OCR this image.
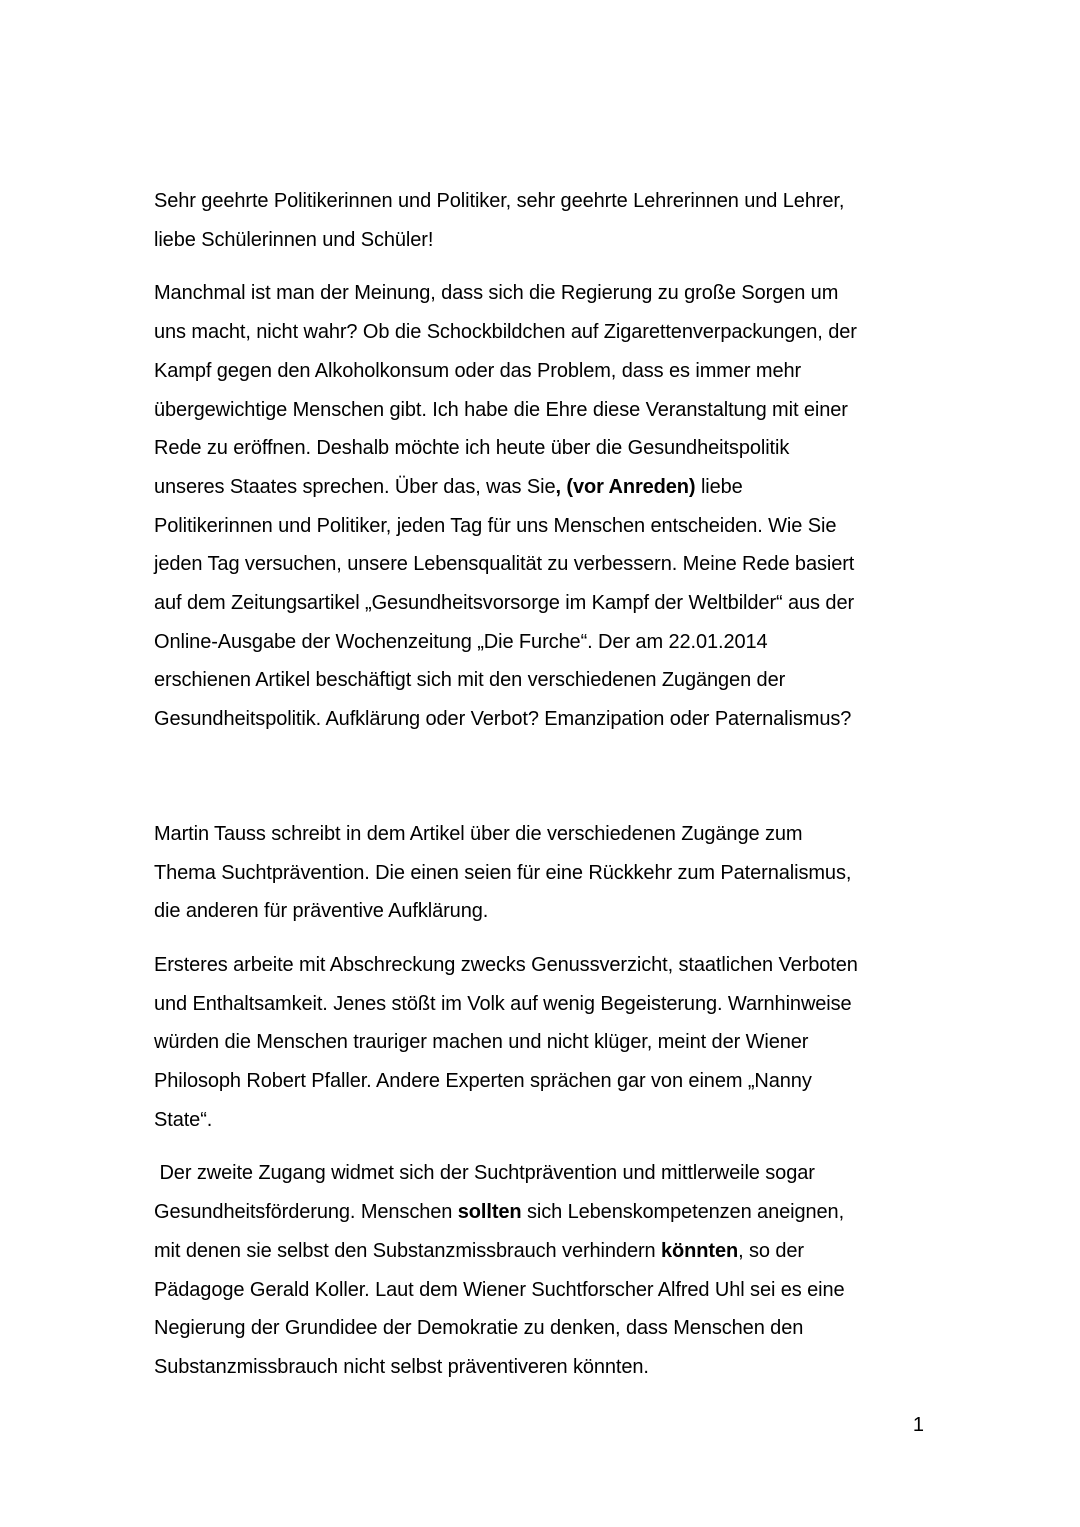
Sehr geehrte Politikerinnen und Politiker, sehr geehrte Lehrerinnen und Lehrer,
liebe Schülerinnen und Schüler!
Manchmal ist man der Meinung, dass sich die Regierung zu große Sorgen um
uns macht, nicht wahr? Ob die Schockbildchen auf Zigarettenverpackungen, der
Kampf gegen den Alkoholkonsum oder das Problem, dass es immer mehr
übergewichtige Menschen gibt. Ich habe die Ehre diese Veranstaltung mit einer
Rede zu eröffnen. Deshalb möchte ich heute über die Gesundheitspolitik
unseres Staates sprechen. Über das, was Sie, (vor Anreden) liebe
Politikerinnen und Politiker, jeden Tag für uns Menschen entscheiden. Wie Sie
jeden Tag versuchen, unsere Lebensqualität zu verbessern. Meine Rede basiert
auf dem Zeitungsartikel „Gesundheitsvorsorge im Kampf der Weltbilder“ aus der
Online-Ausgabe der Wochenzeitung „Die Furche“. Der am 22.01.2014
erschienen Artikel beschäftigt sich mit den verschiedenen Zugängen der
Gesundheitspolitik. Aufklärung oder Verbot? Emanzipation oder Paternalismus?
Martin Tauss schreibt in dem Artikel über die verschiedenen Zugänge zum
Thema Suchtprävention. Die einen seien für eine Rückkehr zum Paternalismus,
die anderen für präventive Aufklärung.
Ersteres arbeite mit Abschreckung zwecks Genussverzicht, staatlichen Verboten
und Enthaltsamkeit. Jenes stößt im Volk auf wenig Begeisterung. Warnhinweise
würden die Menschen trauriger machen und nicht klüger, meint der Wiener
Philosoph Robert Pfaller. Andere Experten sprächen gar von einem „Nanny
State“.
Der zweite Zugang widmet sich der Suchtprävention und mittlerweile sogar
Gesundheitsförderung. Menschen sollten sich Lebenskompetenzen aneignen,
mit denen sie selbst den Substanzmissbrauch verhindern könnten, so der
Pädagoge Gerald Koller. Laut dem Wiener Suchtforscher Alfred Uhl sei es eine
Negierung der Grundidee der Demokratie zu denken, dass Menschen den
Substanzmissbrauch nicht selbst präventiveren könnten.
1
